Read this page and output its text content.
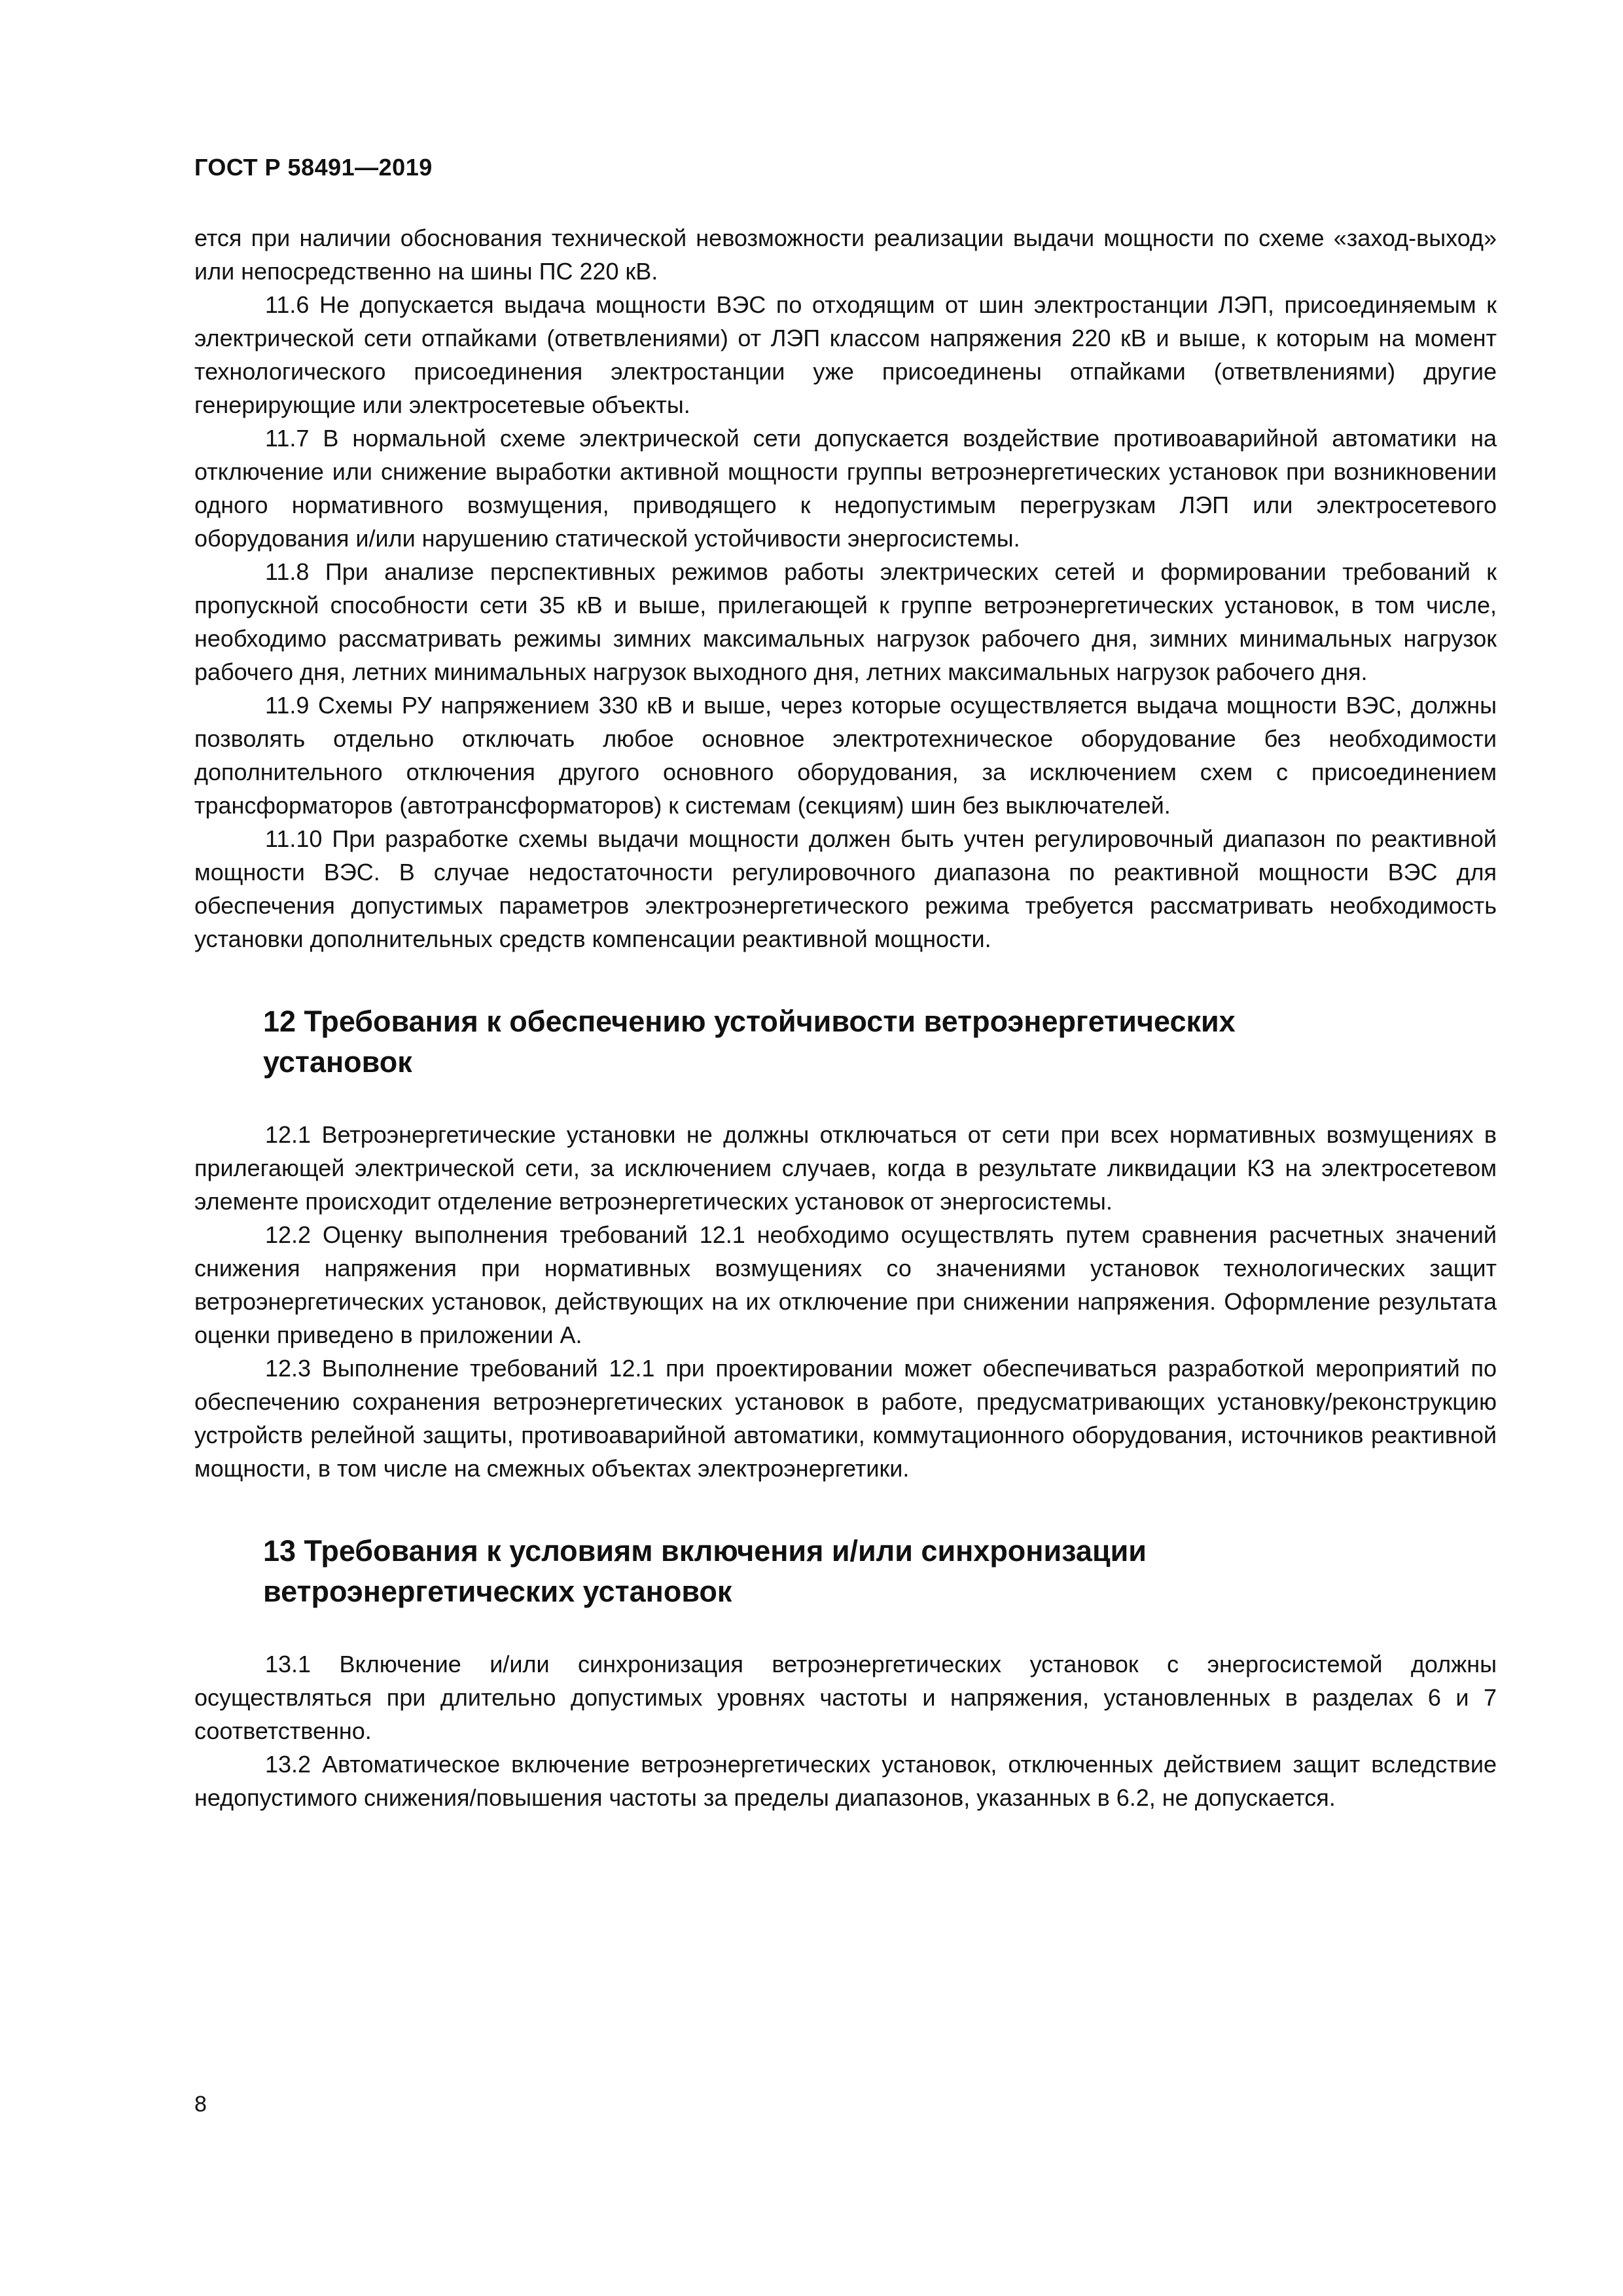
ГОСТ Р 58491—2019

ется при наличии обоснования технической невозможности реализации выдачи мощности по схеме «заход-выход» или непосредственно на шины ПС 220 кВ.

11.6 Не допускается выдача мощности ВЭС по отходящим от шин электростанции ЛЭП, присоединяемым к электрической сети отпайками (ответвлениями) от ЛЭП классом напряжения 220 кВ и выше, к которым на момент технологического присоединения электростанции уже присоединены отпайками (ответвлениями) другие генерирующие или электросетевые объекты.

11.7 В нормальной схеме электрической сети допускается воздействие противоаварийной автоматики на отключение или снижение выработки активной мощности группы ветроэнергетических установок при возникновении одного нормативного возмущения, приводящего к недопустимым перегрузкам ЛЭП или электросетевого оборудования и/или нарушению статической устойчивости энергосистемы.

11.8 При анализе перспективных режимов работы электрических сетей и формировании требований к пропускной способности сети 35 кВ и выше, прилегающей к группе ветроэнергетических установок, в том числе, необходимо рассматривать режимы зимних максимальных нагрузок рабочего дня, зимних минимальных нагрузок рабочего дня, летних минимальных нагрузок выходного дня, летних максимальных нагрузок рабочего дня.

11.9 Схемы РУ напряжением 330 кВ и выше, через которые осуществляется выдача мощности ВЭС, должны позволять отдельно отключать любое основное электротехническое оборудование без необходимости дополнительного отключения другого основного оборудования, за исключением схем с присоединением трансформаторов (автотрансформаторов) к системам (секциям) шин без выключателей.

11.10 При разработке схемы выдачи мощности должен быть учтен регулировочный диапазон по реактивной мощности ВЭС. В случае недостаточности регулировочного диапазона по реактивной мощности ВЭС для обеспечения допустимых параметров электроэнергетического режима требуется рассматривать необходимость установки дополнительных средств компенсации реактивной мощности.

12 Требования к обеспечению устойчивости ветроэнергетических установок

12.1 Ветроэнергетические установки не должны отключаться от сети при всех нормативных возмущениях в прилегающей электрической сети, за исключением случаев, когда в результате ликвидации КЗ на электросетевом элементе происходит отделение ветроэнергетических установок от энергосистемы.

12.2 Оценку выполнения требований 12.1 необходимо осуществлять путем сравнения расчетных значений снижения напряжения при нормативных возмущениях со значениями установок технологических защит ветроэнергетических установок, действующих на их отключение при снижении напряжения. Оформление результата оценки приведено в приложении А.

12.3 Выполнение требований 12.1 при проектировании может обеспечиваться разработкой мероприятий по обеспечению сохранения ветроэнергетических установок в работе, предусматривающих установку/реконструкцию устройств релейной защиты, противоаварийной автоматики, коммутационного оборудования, источников реактивной мощности, в том числе на смежных объектах электроэнергетики.

13 Требования к условиям включения и/или синхронизации ветроэнергетических установок

13.1 Включение и/или синхронизация ветроэнергетических установок с энергосистемой должны осуществляться при длительно допустимых уровнях частоты и напряжения, установленных в разделах 6 и 7 соответственно.

13.2 Автоматическое включение ветроэнергетических установок, отключенных действием защит вследствие недопустимого снижения/повышения частоты за пределы диапазонов, указанных в 6.2, не допускается.

8
